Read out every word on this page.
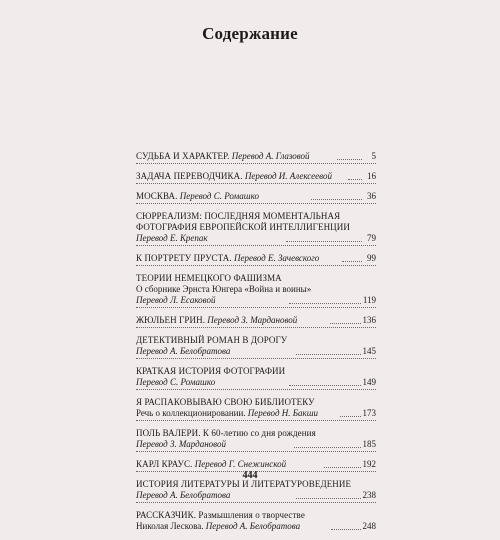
Содержание
СУДЬБА И ХАРАКТЕР. Перевод А. Глазовой	5
ЗАДАЧА ПЕРЕВОДЧИКА. Перевод И. Алексеевой	16
МОСКВА. Перевод С. Ромашко	36
СЮРРЕАЛИЗМ: ПОСЛЕДНЯЯ МОМЕНТАЛЬНАЯ
ФОТОГРАФИЯ ЕВРОПЕЙСКОЙ ИНТЕЛЛИГЕНЦИИ
Перевод Е. Крепак	79
К ПОРТРЕТУ ПРУСТА. Перевод Е. Зачевского	99
ТЕОРИИ НЕМЕЦКОГО ФАШИЗМА
О сборнике Эрнста Юнгера «Война и воины»
Перевод Л. Есаковой	119
ЖЮЛЬЕН ГРИН. Перевод З. Мардановой	136
ДЕТЕКТИВНЫЙ РОМАН В ДОРОГУ
Перевод А. Белобратова	145
КРАТКАЯ ИСТОРИЯ ФОТОГРАФИИ
Перевод С. Ромашко	149
Я РАСПАКОВЫВАЮ СВОЮ БИБЛИОТЕКУ
Речь о коллекционировании. Перевод Н. Бакши	173
ПОЛЬ ВАЛЕРИ. К 60-летию со дня рождения
Перевод З. Мардановой	185
КАРЛ КРАУС. Перевод Г. Снежинской	192
ИСТОРИЯ ЛИТЕРАТУРЫ И ЛИТЕРАТУРОВЕДЕНИЕ
Перевод А. Белобратова	238
РАССКАЗЧИК. Размышления о творчестве
Николая Лескова. Перевод А. Белобратова	248
444
